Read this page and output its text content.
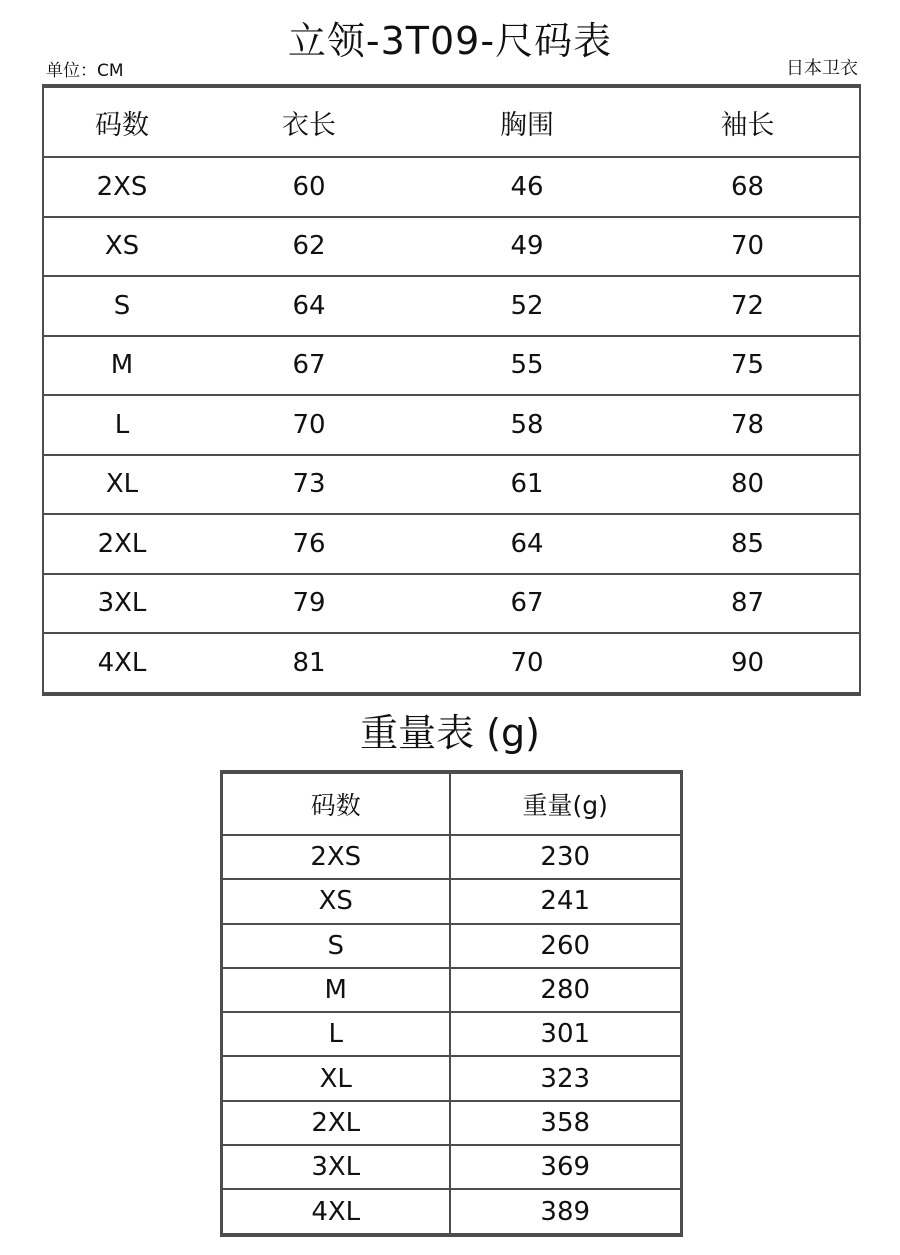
立领-3T09-尺码表
单位：CM	日本卫衣
码数	衣长	胸围	袖长
2XS	60	46	68
XS	62	49	70
S	64	52	72
M	67	55	75
L	70	58	78
XL	73	61	80
2XL	76	64	85
3XL	79	67	87
4XL	81	70	90
重量表 (g)
码数	重量(g)
2XS	230
XS	241
S	260
M	280
L	301
XL	323
2XL	358
3XL	369
4XL	389
